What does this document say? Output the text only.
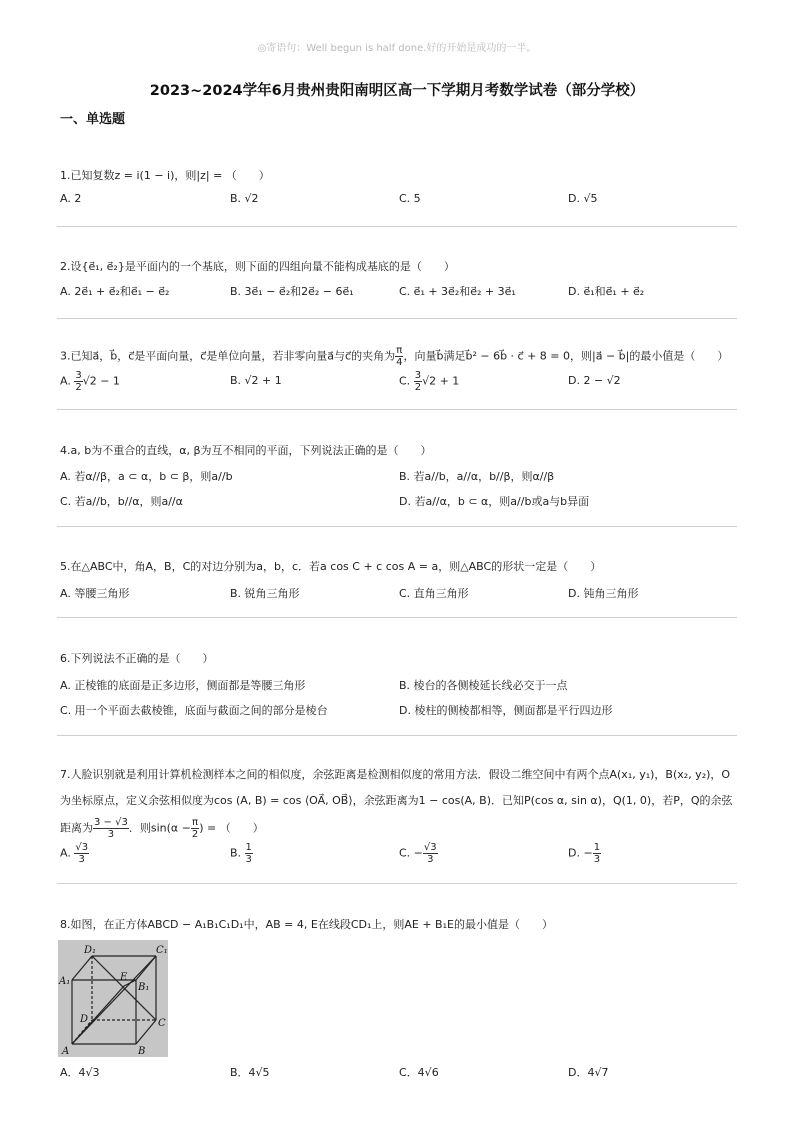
◎寄语句：Well begun is half done.好的开始是成功的一半。
2023~2024学年6月贵州贵阳南明区高一下学期月考数学试卷（部分学校）
一、单选题
1.已知复数z = i(1 − i)，则|z| = （　　）
A. 2	B. √2	C. 5	D. √5
2.设{e⃗₁, e⃗₂}是平面内的一个基底，则下面的四组向量不能构成基底的是（　　）
A. 2e⃗₁ + e⃗₂和e⃗₁ − e⃗₂	B. 3e⃗₁ − e⃗₂和2e⃗₂ − 6e⃗₁	C. e⃗₁ + 3e⃗₂和e⃗₂ + 3e⃗₁	D. e⃗₁和e⃗₁ + e⃗₂
3.已知a⃗，b⃗，c⃗是平面向量，c⃗是单位向量，若非零向量a⃗与c⃗的夹角为 $\frac{\pi}{4}$ ，向量b⃗满足b⃗² − 6b⃗ · c⃗ + 8 = 0，则|a⃗ − b⃗|的最小值是（　　）
A. $\frac{3}{2} √2 - 1$	B. √2 + 1	C. $\frac{3}{2} √2 + 1$	D. 2 − √2
4.a, b为不重合的直线，α, β为互不相同的平面，下列说法正确的是（　　）
A. 若α//β，a ⊂ α，b ⊂ β，则a//b	B. 若a//b，a//α，b//β，则α//β
C. 若a//b，b//α，则a//α	D. 若a//α，b ⊂ α，则a//b或a与b异面
5.在△ABC中，角A，B，C的对边分别为a，b，c．若a cos C + c cos A = a，则△ABC的形状一定是（　　）
A. 等腰三角形	B. 锐角三角形	C. 直角三角形	D. 钝角三角形
6.下列说法不正确的是（　　）
A. 正棱锥的底面是正多边形，侧面都是等腰三角形	B. 棱台的各侧棱延长线必交于一点
C. 用一个平面去截棱锥，底面与截面之间的部分是棱台	D. 棱柱的侧棱都相等，侧面都是平行四边形
7.人脸识别就是利用计算机检测样本之间的相似度，余弦距离是检测相似度的常用方法．假设二维空间中有两个点A(x₁, y₁)，B(x₂, y₂)，O
为坐标原点，定义余弦相似度为cos (A, B) = cos ⟨OA⃗, OB⃗⟩，余弦距离为1 − cos(A, B)．已知P(cos α, sin α)，Q(1, 0)，若P，Q的余弦
距离为 $\frac{3 - √3}{3}$ ．则$\sin(\alpha - \frac{\pi}{2}$ ) = （　　）
A. $\frac{√3}{3}$	B. $\frac{1}{3}$	C. − $\frac{√3}{3}$	D. − $\frac{1}{3}$
8.如图，在正方体ABCD − A₁B₁C₁D₁中，AB = 4, E在线段CD₁上，则AE + B₁E的最小值是（　　）
D₁	C₁
A₁
B₁
E
D	C
A	B
A．4√3	B．4√5	C．4√6	D．4√7
